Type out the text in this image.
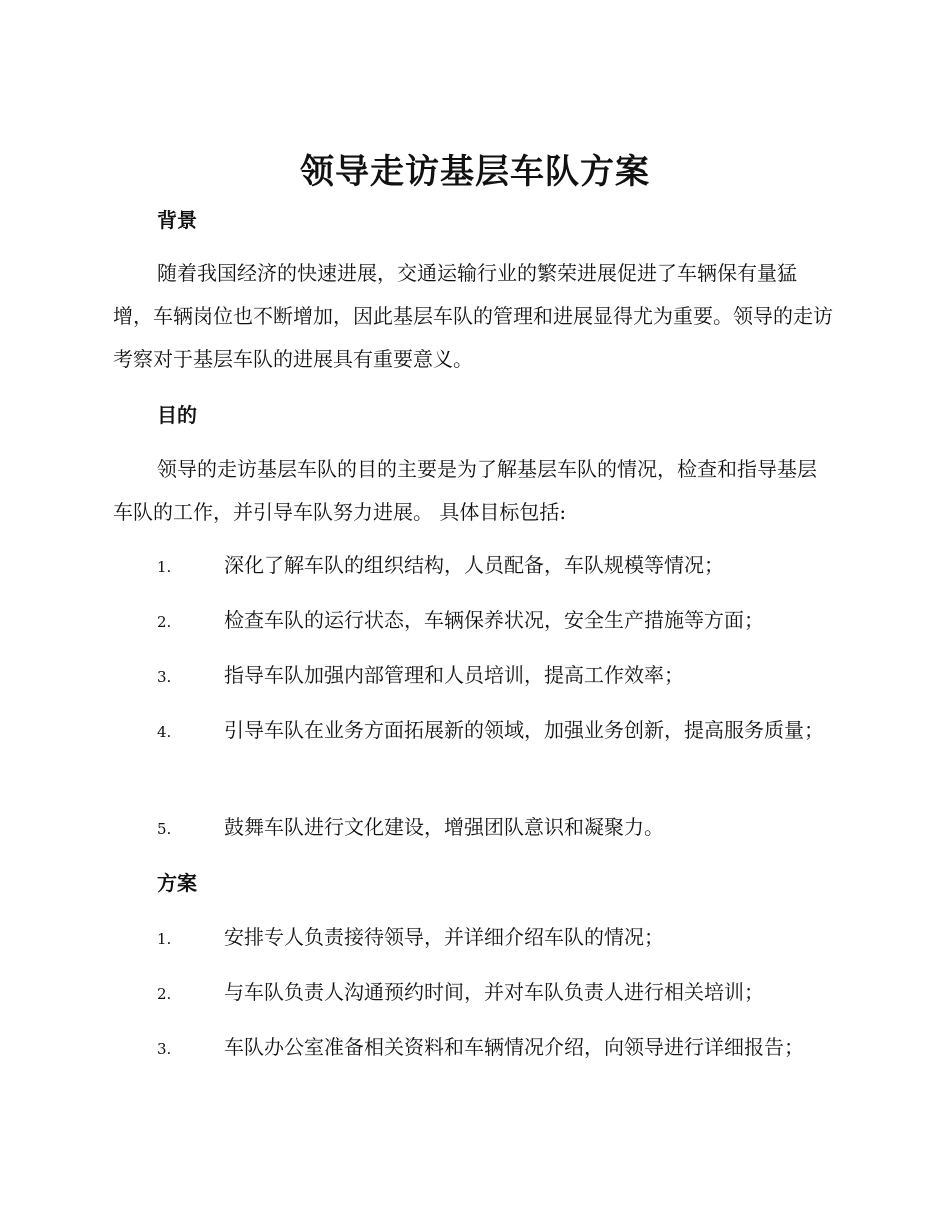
领导走访基层车队方案
背景

随着我国经济的快速进展，交通运输行业的繁荣进展促进了车辆保有量猛增，车辆岗位也不断增加，因此基层车队的管理和进展显得尤为重要。领导的走访考察对于基层车队的进展具有重要意义。

目的

领导的走访基层车队的目的主要是为了解基层车队的情况，检查和指导基层车队的工作，并引导车队努力进展。 具体目标包括:

1.	深化了解车队的组织结构，人员配备，车队规模等情况；
2.	检查车队的运行状态，车辆保养状况，安全生产措施等方面；
3.	指导车队加强内部管理和人员培训，提高工作效率；
4.	引导车队在业务方面拓展新的领域，加强业务创新，提高服务质量；
5.	鼓舞车队进行文化建设，增强团队意识和凝聚力。
方案
1.	安排专人负责接待领导，并详细介绍车队的情况；
2.	与车队负责人沟通预约时间，并对车队负责人进行相关培训；
3.	车队办公室准备相关资料和车辆情况介绍，向领导进行详细报告；
